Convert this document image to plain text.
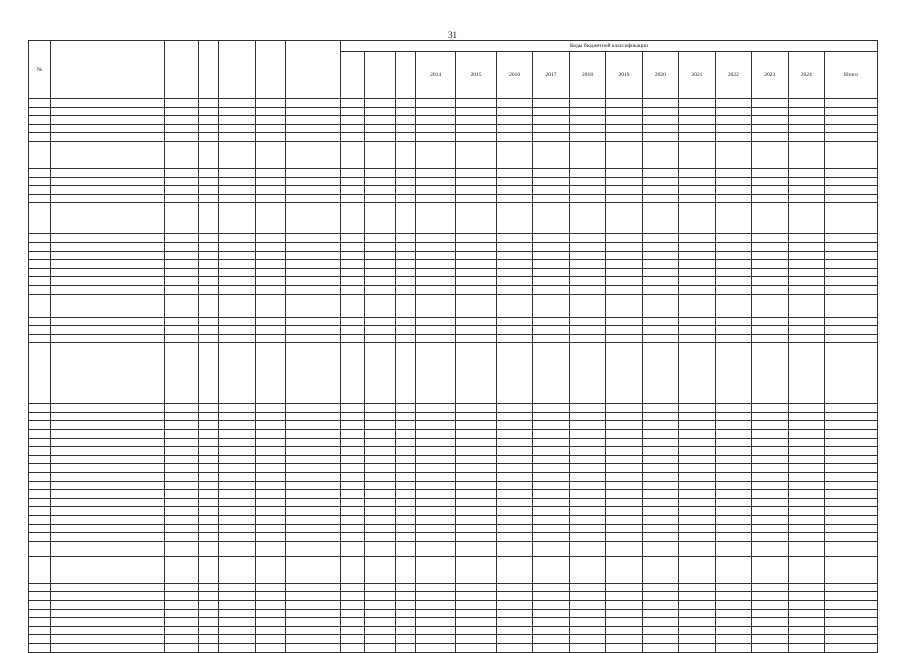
31
№							Коды бюджетной классификации														
										2014	2015	2016	2017	2018	2019	2020	2021	2022	2023	2024	Итого
